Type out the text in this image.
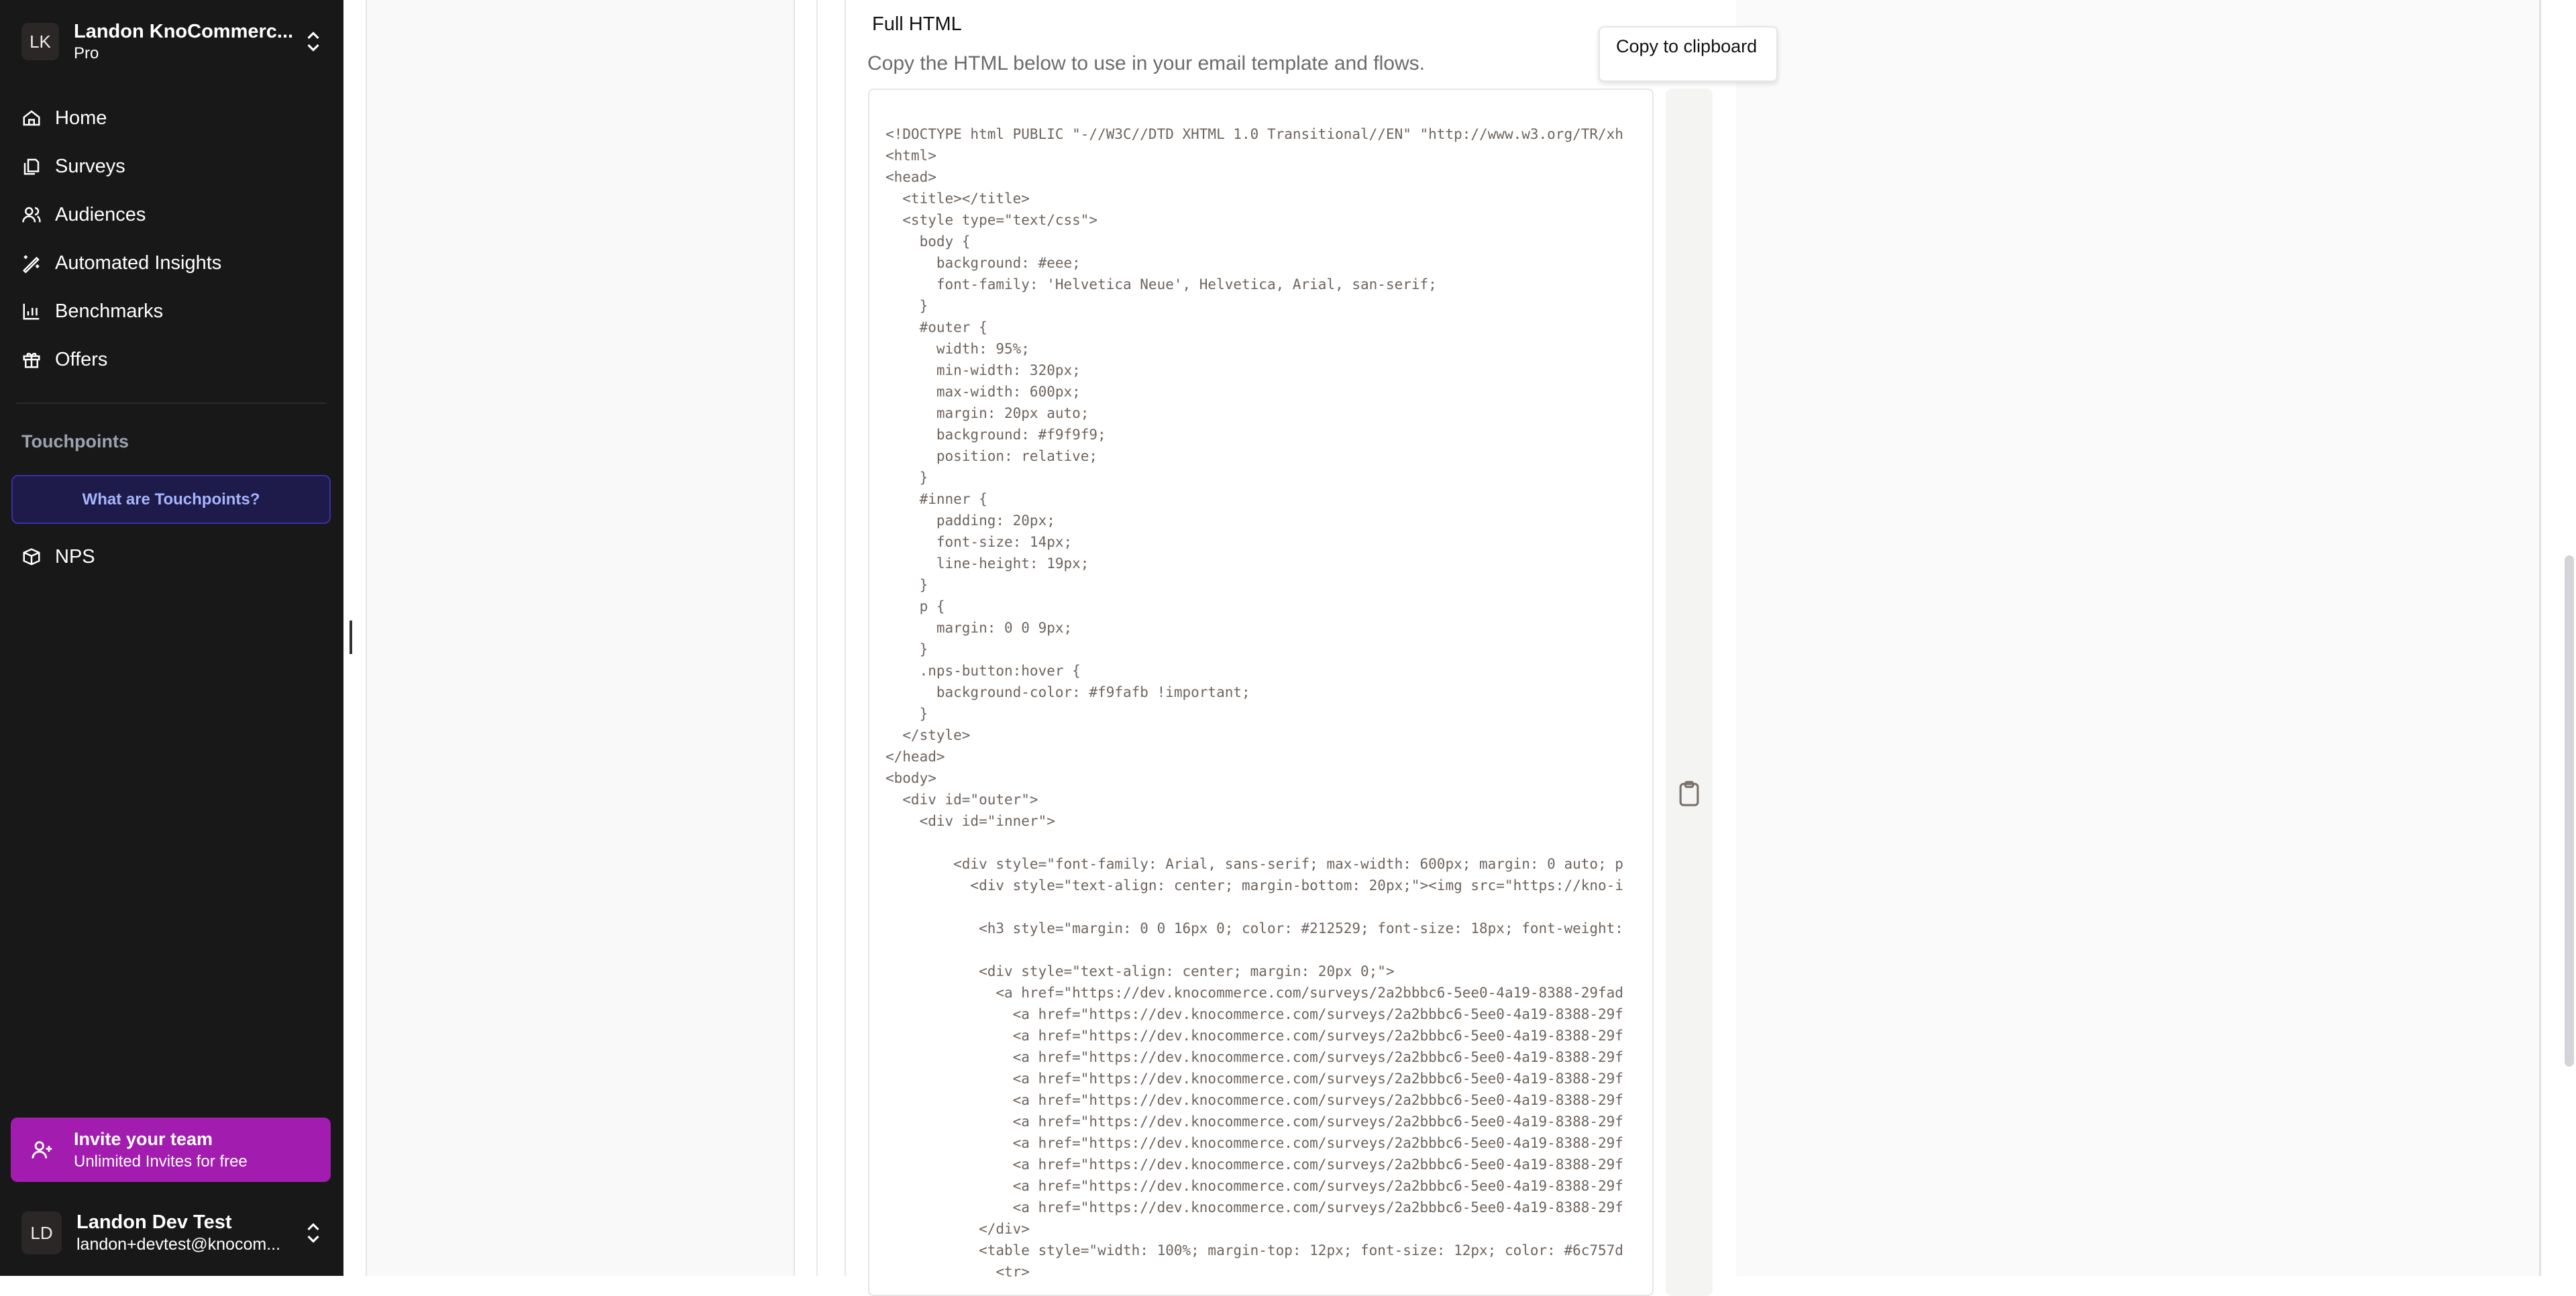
LK	Landon KnoCommerc...
Pro
Home
Surveys
Audiences
Automated Insights
Benchmarks
Offers
Touchpoints
What are Touchpoints?
NPS
Invite your team
Unlimited Invites for free
LD	Landon Dev Test
landon+devtest@knocom...
Full HTML
Copy the HTML below to use in your email template and flows.
<!DOCTYPE html PUBLIC "-//W3C//DTD XHTML 1.0 Transitional//EN" "http://www.w3.org/TR/xh
<html>
<head>
<title></title>
<style type="text/css">
body {
background: #eee;
font-family: 'Helvetica Neue', Helvetica, Arial, san-serif;
}
#outer {
width: 95%;
min-width: 320px;
max-width: 600px;
margin: 20px auto;
background: #f9f9f9;
position: relative;
}
#inner {
padding: 20px;
font-size: 14px;
line-height: 19px;
}
p {
margin: 0 0 9px;
}
.nps-button:hover {
background-color: #f9fafb !important;
}
</style>
</head>
<body>
<div id="outer">
<div id="inner">
<div style="font-family: Arial, sans-serif; max-width: 600px; margin: 0 auto; p
<div style="text-align: center; margin-bottom: 20px;"><img src="https://kno-i
<h3 style="margin: 0 0 16px 0; color: #212529; font-size: 18px; font-weight:
<div style="text-align: center; margin: 20px 0;">
<a href="https://dev.knocommerce.com/surveys/2a2bbbc6-5ee0-4a19-8388-29fad
<a href="https://dev.knocommerce.com/surveys/2a2bbbc6-5ee0-4a19-8388-29f
<a href="https://dev.knocommerce.com/surveys/2a2bbbc6-5ee0-4a19-8388-29f
<a href="https://dev.knocommerce.com/surveys/2a2bbbc6-5ee0-4a19-8388-29f
<a href="https://dev.knocommerce.com/surveys/2a2bbbc6-5ee0-4a19-8388-29f
<a href="https://dev.knocommerce.com/surveys/2a2bbbc6-5ee0-4a19-8388-29f
<a href="https://dev.knocommerce.com/surveys/2a2bbbc6-5ee0-4a19-8388-29f
<a href="https://dev.knocommerce.com/surveys/2a2bbbc6-5ee0-4a19-8388-29f
<a href="https://dev.knocommerce.com/surveys/2a2bbbc6-5ee0-4a19-8388-29f
<a href="https://dev.knocommerce.com/surveys/2a2bbbc6-5ee0-4a19-8388-29f
<a href="https://dev.knocommerce.com/surveys/2a2bbbc6-5ee0-4a19-8388-29f
</div>
<table style="width: 100%; margin-top: 12px; font-size: 12px; color: #6c757d
<tr>
Copy to clipboard
